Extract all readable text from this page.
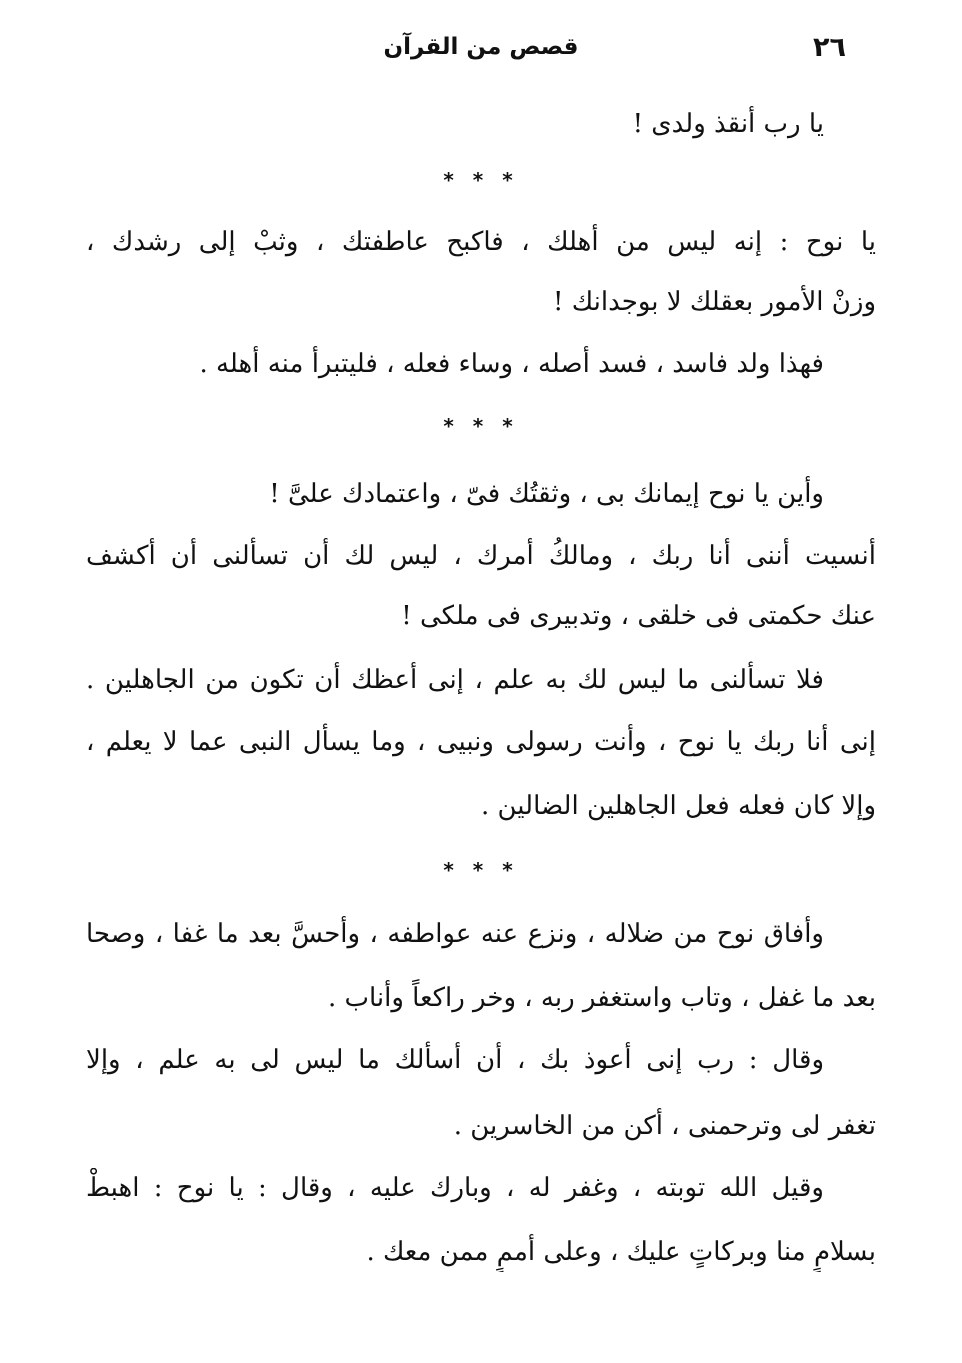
٢٦
قصص من القرآن
يا رب أنقذ ولدى !
* * *
يا نوح : إنه ليس من أهلك ، فاكبح عاطفتك ، وثبْ إلى رشدك ،
وزنْ الأمور بعقلك لا بوجدانك !
فهذا ولد فاسد ، فسد أصله ، وساء فعله ، فليتبرأ منه أهله .
* * *
وأين يا نوح إيمانك بى ، وثقتُك فىّ ، واعتمادك علىَّ !
أنسيت أننى أنا ربك ، ومالكُ أمرك ، ليس لك أن تسألنى أن أكشف
عنك حكمتى فى خلقى ، وتدبيرى فى ملكى !
فلا تسألنى ما ليس لك به علم ، إنى أعظك أن تكون من الجاهلين .
إنى أنا ربك يا نوح ، وأنت رسولى ونبيى ، وما يسأل النبى عما لا يعلم ،
وإلا كان فعله فعل الجاهلين الضالين .
* * *
وأفاق نوح من ضلاله ، ونزع عنه عواطفه ، وأحسَّ بعد ما غفا ، وصحا
بعد ما غفل ، وتاب واستغفر ربه ، وخر راكعاً وأناب .
وقال : رب إنى أعوذ بك ، أن أسألك ما ليس لى به علم ، وإلا
تغفر لى وترحمنى ، أكن من الخاسرين .
وقيل الله توبته ، وغفر له ، وبارك عليه ، وقال : يا نوح : اهبطْ
بسلامٍ منا وبركاتٍ عليك ، وعلى أممٍ ممن معك .
